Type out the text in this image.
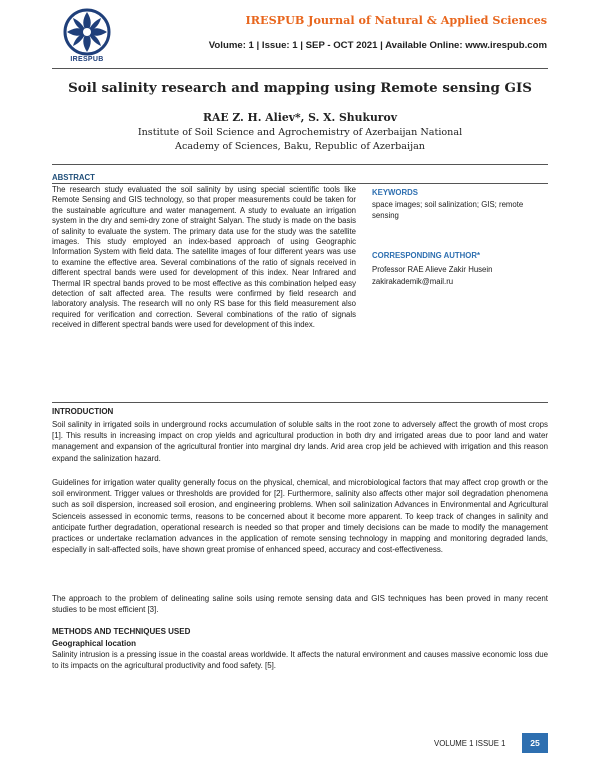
IRESPUB
IRESPUB Journal of Natural & Applied Sciences
Volume: 1 | Issue: 1 | SEP - OCT 2021 | Available Online: www.irespub.com
Soil salinity research and mapping using Remote sensing GIS
RAE Z. H. Aliev*, S. X. Shukurov
Institute of Soil Science and Agrochemistry of Azerbaijan National
Academy of Sciences, Baku, Republic of Azerbaijan
ABSTRACT
The research study evaluated the soil salinity by using special scientific tools like Remote Sensing and GIS technology, so that proper measurements could be taken for the sustainable agriculture and water management. A study to evaluate an irrigation system in the dry and semi-dry zone of straight Salyan. The study is made on the basis of salinity to evaluate the system. The primary data use for the study was the satellite images. This study employed an index-based approach of using Geographic Information System with field data. The satellite images of four different years was use to examine the effective area. Several combinations of the ratio of signals received in different spectral bands were used for development of this index. Near Infrared and Thermal IR spectral bands proved to be most effective as this combination helped easy detection of salt affected area. The results were confirmed by field research and laboratory analysis. The research will no only RS base for this field measurement also required for verification and correction. Several combinations of the ratio of signals received in different spectral bands were used for development of this index.
KEYWORDS
space images; soil salinization; GIS; remote sensing
CORRESPONDING AUTHOR*
Professor RAE Alieve Zakir Husein
zakirakademik@mail.ru
INTRODUCTION
Soil salinity in irrigated soils in underground rocks accumulation of soluble salts in the root zone to adversely affect the growth of most crops [1]. This results in increasing impact on crop yields and agricultural production in both dry and irrigated areas due to poor land and water management and expansion of the agricultural frontier into marginal dry lands. Arid area crop jeld be achieved with irrigation and this reason expand the salinization hazard.
Guidelines for irrigation water quality generally focus on the physical, chemical, and microbiological factors that may affect crop growth or the soil environment. Trigger values or thresholds are provided for [2]. Furthermore, salinity also affects other major soil degradation phenomena such as soil dispersion, increased soil erosion, and engineering problems. When soil salinization Advances in Environmental and Agricultural Scienceis assessed in economic terms, reasons to be concerned about it become more apparent. To keep track of changes in salinity and anticipate further degradation, operational research is needed so that proper and timely decisions can be made to modify the management practices or undertake reclamation advances in the application of remote sensing technology in mapping and monitoring degraded lands, especially in salt-affected soils, have shown great promise of enhanced speed, accuracy and cost-effectiveness.
The approach to the problem of delineating saline soils using remote sensing data and GIS techniques has been proved in many recent studies to be most efficient [3].
METHODS AND TECHNIQUES USED
Geographical location
Salinity intrusion is a pressing issue in the coastal areas worldwide. It affects the natural environment and causes massive economic loss due to its impacts on the agricultural productivity and food safety. [5].
VOLUME 1 ISSUE 1	25
